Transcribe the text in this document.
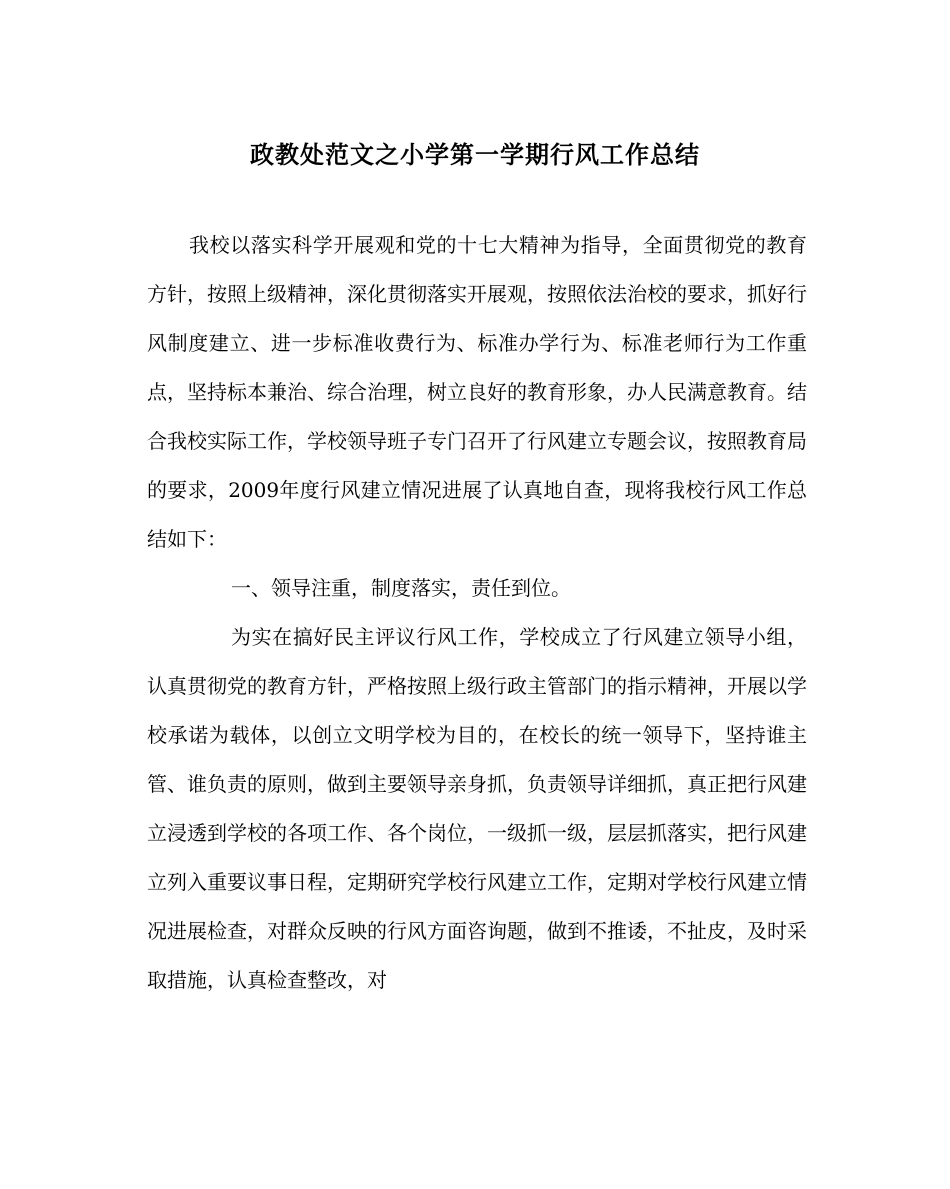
政教处范文之小学第一学期行风工作总结

我校以落实科学开展观和党的十七大精神为指导，全面贯彻党的教育方针，按照上级精神，深化贯彻落实开展观，按照依法治校的要求，抓好行风制度建立、进一步标准收费行为、标准办学行为、标准老师行为工作重点，坚持标本兼治、综合治理，树立良好的教育形象，办人民满意教育。结合我校实际工作，学校领导班子专门召开了行风建立专题会议，按照教育局的要求，2009年度行风建立情况进展了认真地自查，现将我校行风工作总结如下：

一、领导注重，制度落实，责任到位。

为实在搞好民主评议行风工作，学校成立了行风建立领导小组，认真贯彻党的教育方针，严格按照上级行政主管部门的指示精神，开展以学校承诺为载体，以创立文明学校为目的，在校长的统一领导下，坚持谁主管、谁负责的原则，做到主要领导亲身抓，负责领导详细抓，真正把行风建立浸透到学校的各项工作、各个岗位，一级抓一级，层层抓落实，把行风建立列入重要议事日程，定期研究学校行风建立工作，定期对学校行风建立情况进展检查，对群众反映的行风方面咨询题，做到不推诿，不扯皮，及时采取措施，认真检查整改，对
